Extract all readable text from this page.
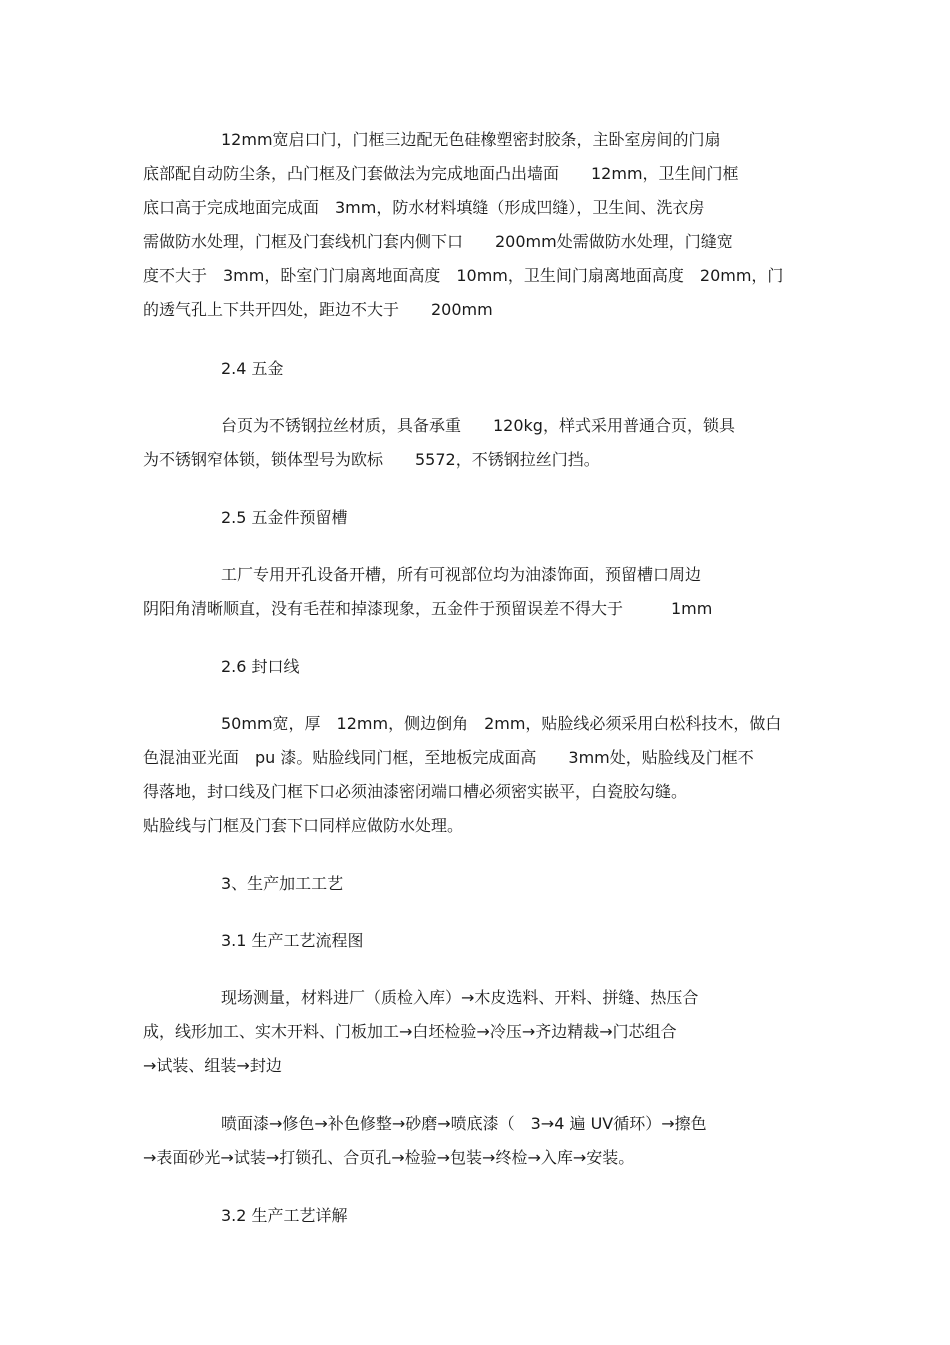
12mm宽启口门，门框三边配无色硅橡塑密封胶条，主卧室房间的门扇
底部配自动防尘条，凸门框及门套做法为完成地面凸出墙面　　12mm，卫生间门框
底口高于完成地面完成面　3mm，防水材料填缝（形成凹缝），卫生间、洗衣房
需做防水处理，门框及门套线机门套内侧下口　　200mm处需做防水处理，门缝宽
度不大于　3mm，卧室门门扇离地面高度　10mm，卫生间门扇离地面高度　20mm，门
的透气孔上下共开四处，距边不大于　　200mm
2.4 五金
台页为不锈钢拉丝材质，具备承重　　120kg，样式采用普通合页，锁具
为不锈钢窄体锁，锁体型号为欧标　　5572，不锈钢拉丝门挡。
2.5 五金件预留槽
工厂专用开孔设备开槽，所有可视部位均为油漆饰面，预留槽口周边
阴阳角清晰顺直，没有毛茬和掉漆现象，五金件于预留误差不得大于　　　1mm
2.6 封口线
50mm宽，厚　12mm，侧边倒角　2mm，贴脸线必须采用白松科技木，做白
色混油亚光面　pu 漆。贴脸线同门框，至地板完成面高　　3mm处，贴脸线及门框不
得落地，封口线及门框下口必须油漆密闭端口槽必须密实嵌平，白瓷胶勾缝。
贴脸线与门框及门套下口同样应做防水处理。
3、生产加工工艺
3.1 生产工艺流程图
现场测量，材料进厂（质检入库）→木皮选料、开料、拼缝、热压合
成，线形加工、实木开料、门板加工→白坯检验→冷压→齐边精裁→门芯组合
→试装、组装→封边
喷面漆→修色→补色修整→砂磨→喷底漆（　3→4 遍 UV循环）→擦色
→表面砂光→试装→打锁孔、合页孔→检验→包装→终检→入库→安装。
3.2 生产工艺详解
